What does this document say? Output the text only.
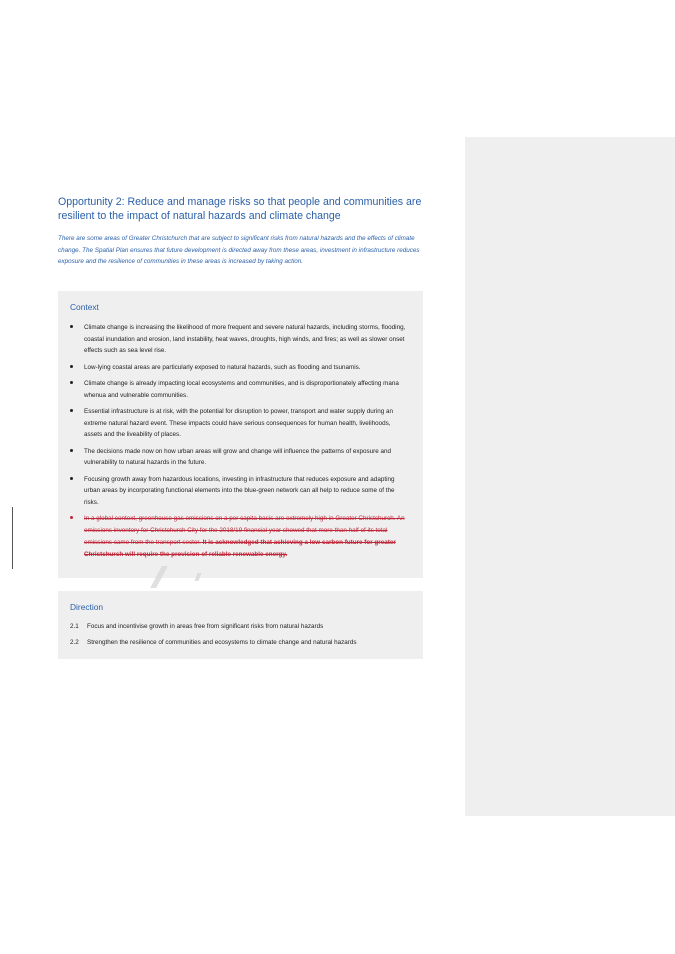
Opportunity 2: Reduce and manage risks so that people and communities are resilient to the impact of natural hazards and climate change

There are some areas of Greater Christchurch that are subject to significant risks from natural hazards and the effects of climate change. The Spatial Plan ensures that future development is directed away from these areas, investment in infrastructure reduces exposure and the resilience of communities in these areas is increased by taking action.

Context
Climate change is increasing the likelihood of more frequent and severe natural hazards, including storms, flooding, coastal inundation and erosion, land instability, heat waves, droughts, high winds, and fires; as well as slower onset effects such as sea level rise.
Low-lying coastal areas are particularly exposed to natural hazards, such as flooding and tsunamis.
Climate change is already impacting local ecosystems and communities, and is disproportionately affecting mana whenua and vulnerable communities.
Essential infrastructure is at risk, with the potential for disruption to power, transport and water supply during an extreme natural hazard event. These impacts could have serious consequences for human health, livelihoods, assets and the liveability of places.
The decisions made now on how urban areas will grow and change will influence the patterns of exposure and vulnerability to natural hazards in the future.
Focusing growth away from hazardous locations, investing in infrastructure that reduces exposure and adapting urban areas by incorporating functional elements into the blue-green network can all help to reduce some of the risks.
In a global context, greenhouse gas emissions on a per capita basis are extremely high in Greater Christchurch. An emissions inventory for Christchurch City for the 2018/19 financial year showed that more than half of its total emissions came from the transport sector. It is acknowledged that achieving a low carbon future for greater Christchurch will require the provision of reliable renewable energy.
Direction
2.1	Focus and incentivise growth in areas free from significant risks from natural hazards
2.2	Strengthen the resilience of communities and ecosystems to climate change and natural hazards
